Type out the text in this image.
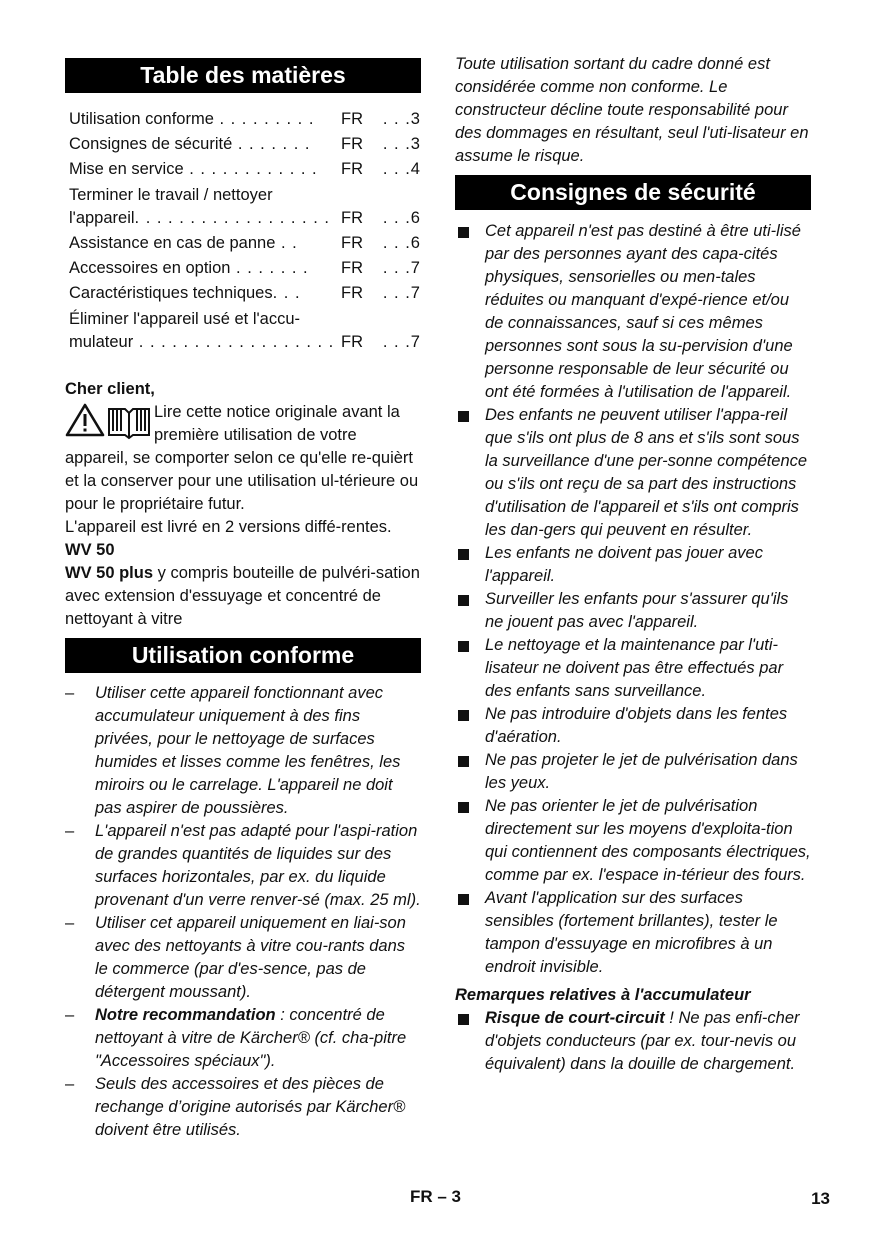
Table des matières
Utilisation conforme . . . . . . . . .	FR	. . .3
Consignes de sécurité . . . . . . .	FR	. . .3
Mise en service . . . . . . . . . . . .	FR	. . .4
Terminer le travail / nettoyer
l'appareil. . . . . . . . . . . . . . . . . . FR	. . .6
Assistance en cas de panne . .	FR	. . .6
Accessoires en option . . . . . . .	FR	. . .7
Caractéristiques techniques. . .	FR	. . .7
Éliminer l'appareil usé et l'accu-
mulateur . . . . . . . . . . . . . . . . . . FR	. . .7

Cher client,

Lire cette notice originale avant la première utilisation de votre appareil, se comporter selon ce qu'elle re-quièrt et la conserver pour une utilisation ul-térieure ou pour le propriétaire futur.

L'appareil est livré en 2 versions diffé-rentes.

WV 50

WV 50 plus y compris bouteille de pulvéri-sation avec extension d'essuyage et concentré de nettoyant à vitre

Utilisation conforme
–	Utiliser cette appareil fonctionnant avec accumulateur uniquement à des fins privées, pour le nettoyage de surfaces humides et lisses comme les fenêtres, les miroirs ou le carrelage. L'appareil ne doit pas aspirer de poussières.
–	L'appareil n'est pas adapté pour l'aspi-ration de grandes quantités de liquides sur des surfaces horizontales, par ex. du liquide provenant d'un verre renver-sé (max. 25 ml).
–	Utiliser cet appareil uniquement en liai-son avec des nettoyants à vitre cou-rants dans le commerce (par d'es-sence, pas de détergent moussant).
–	Notre recommandation : concentré de nettoyant à vitre de Kärcher® (cf. cha-pitre "Accessoires spéciaux").
–	Seuls des accessoires et des pièces de rechange d’origine autorisés par Kärcher® doivent être utilisés.

Toute utilisation sortant du cadre donné est considérée comme non conforme. Le constructeur décline toute responsabilité pour des dommages en résultant, seul l'uti-lisateur en assume le risque.

Consignes de sécurité
Cet appareil n'est pas destiné à être uti-lisé par des personnes ayant des capa-cités physiques, sensorielles ou men-tales réduites ou manquant d'expé-rience et/ou de connaissances, sauf si ces mêmes personnes sont sous la su-pervision d'une personne responsable de leur sécurité ou ont été formées à l'utilisation de l'appareil.
Des enfants ne peuvent utiliser l'appa-reil que s'ils ont plus de 8 ans et s'ils sont sous la surveillance d'une per-sonne compétence ou s'ils ont reçu de sa part des instructions d'utilisation de l'appareil et s'ils ont compris les dan-gers qui peuvent en résulter.
Les enfants ne doivent pas jouer avec l'appareil.
Surveiller les enfants pour s'assurer qu'ils ne jouent pas avec l'appareil.
Le nettoyage et la maintenance par l'uti-lisateur ne doivent pas être effectués par des enfants sans surveillance.
Ne pas introduire d'objets dans les fentes d'aération.
Ne pas projeter le jet de pulvérisation dans les yeux.
Ne pas orienter le jet de pulvérisation directement sur les moyens d'exploita-tion qui contiennent des composants électriques, comme par ex. l'espace in-térieur des fours.
Avant l'application sur des surfaces sensibles (fortement brillantes), tester le tampon d'essuyage en microfibres à un endroit invisible.

Remarques relatives à l'accumulateur

Risque de court-circuit ! Ne pas enfi-cher d'objets conducteurs (par ex. tour-nevis ou équivalent) dans la douille de chargement.
FR – 3	13
